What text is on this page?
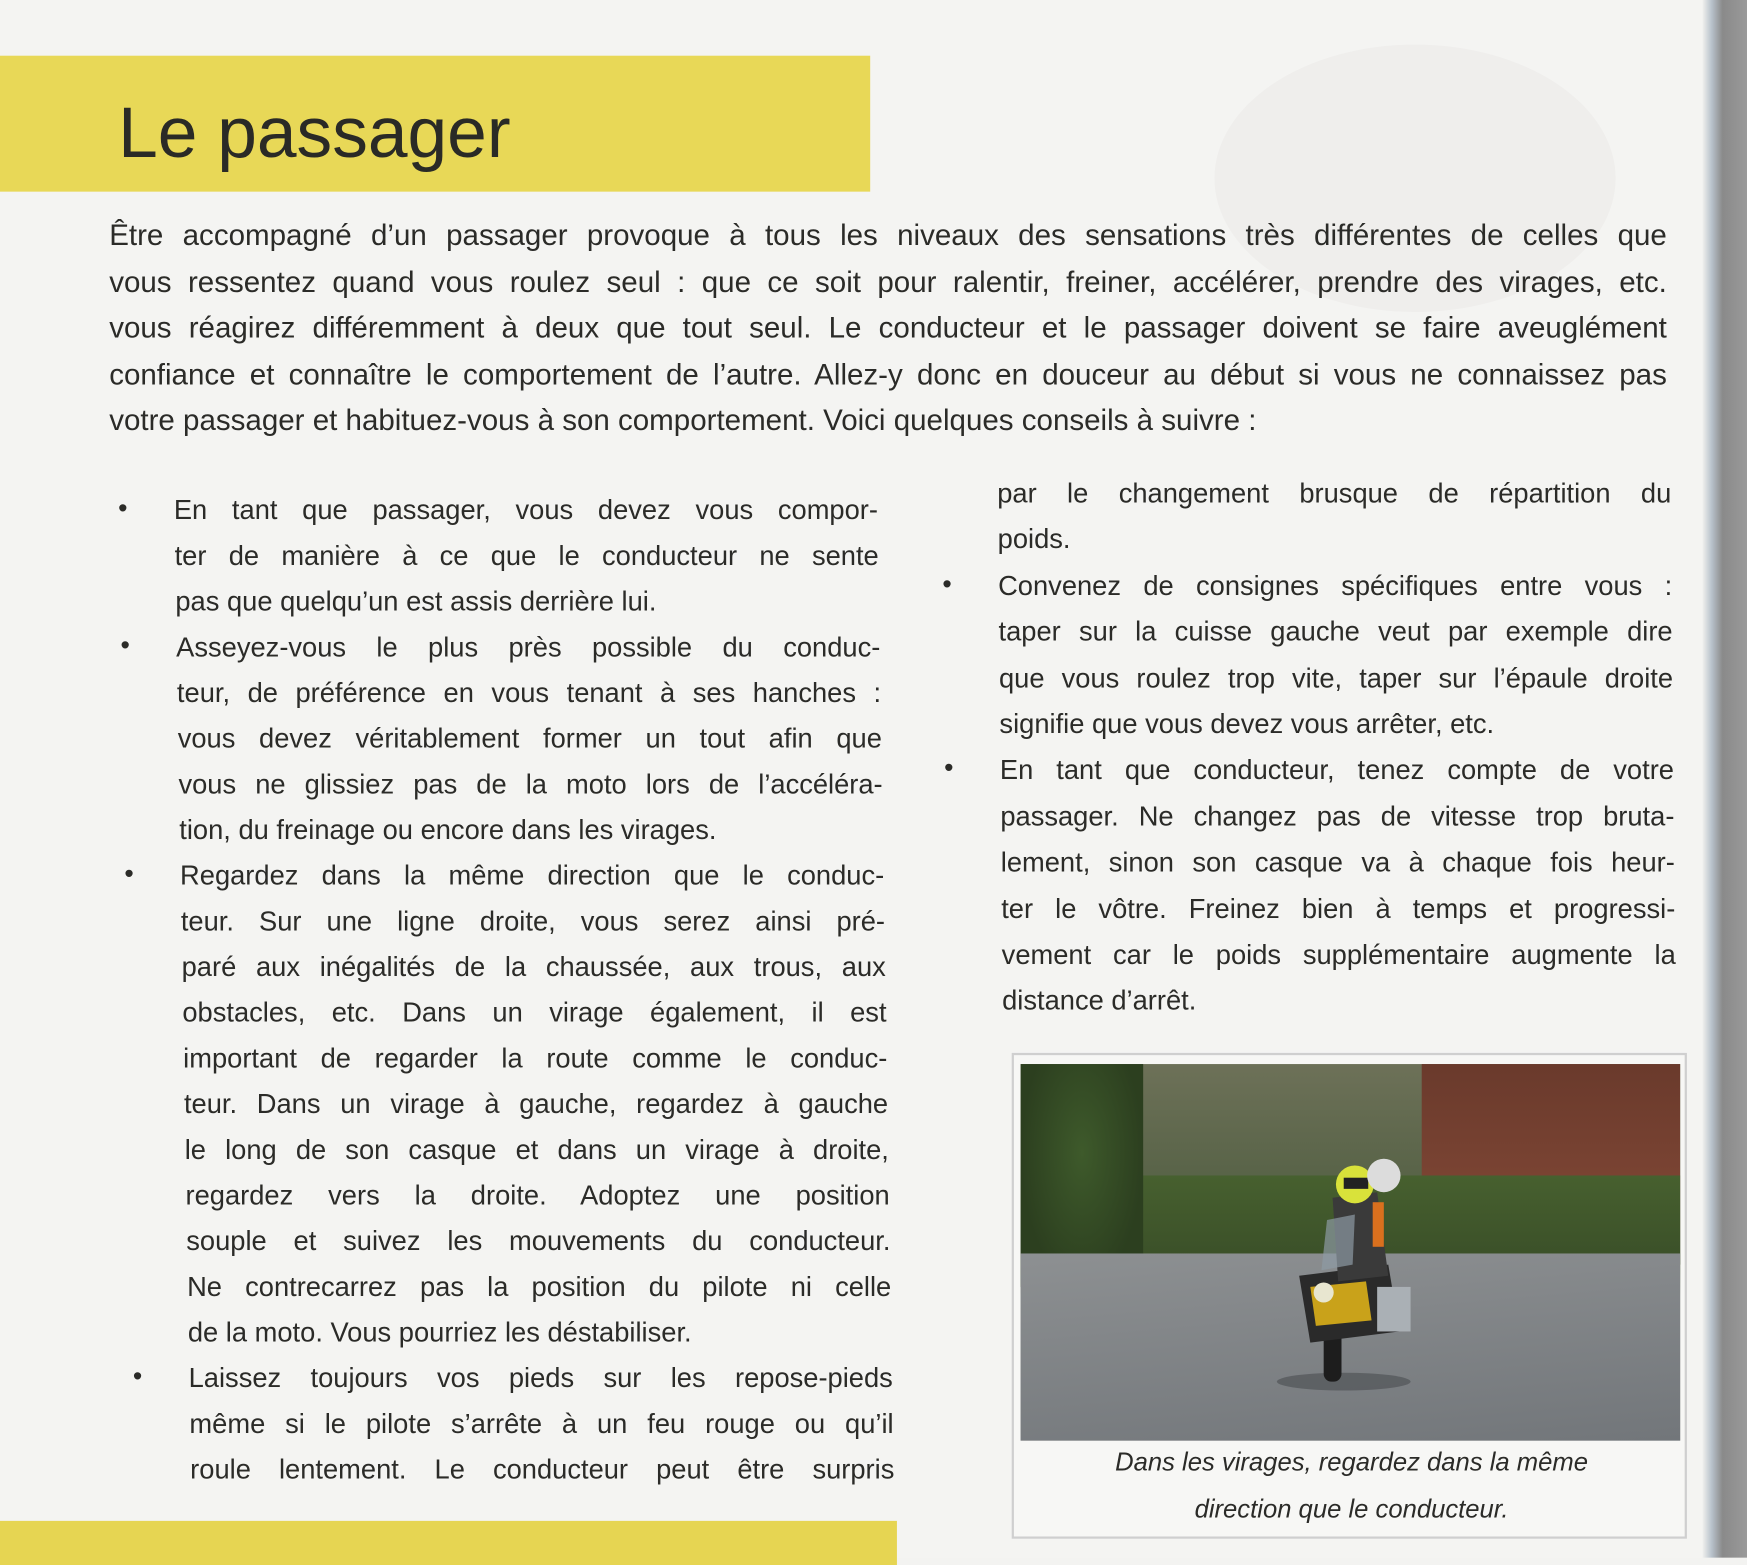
Le passager
Être accompagné d’un passager provoque à tous les niveaux des sensations très différentes de celles que
vous ressentez quand vous roulez seul : que ce soit pour ralentir, freiner, accélérer, prendre des virages, etc.
vous réagirez différemment à deux que tout seul. Le conducteur et le passager doivent se faire aveuglément
confiance et connaître le comportement de l’autre. Allez-y donc en douceur au début si vous ne connaissez pas
votre passager et habituez-vous à son comportement. Voici quelques conseils à suivre :
• En tant que passager, vous devez vous compor-
ter de manière à ce que le conducteur ne sente
pas que quelqu’un est assis derrière lui.
• Asseyez-vous le plus près possible du conduc-
teur, de préférence en vous tenant à ses hanches :
vous devez véritablement former un tout afin que
vous ne glissiez pas de la moto lors de l’accéléra-
tion, du freinage ou encore dans les virages.
• Regardez dans la même direction que le conduc-
teur. Sur une ligne droite, vous serez ainsi pré-
paré aux inégalités de la chaussée, aux trous, aux
obstacles, etc. Dans un virage également, il est
important de regarder la route comme le conduc-
teur. Dans un virage à gauche, regardez à gauche
le long de son casque et dans un virage à droite,
regardez vers la droite. Adoptez une position
souple et suivez les mouvements du conducteur.
Ne contrecarrez pas la position du pilote ni celle
de la moto. Vous pourriez les déstabiliser.
• Laissez toujours vos pieds sur les repose-pieds
même si le pilote s’arrête à un feu rouge ou qu’il
roule lentement. Le conducteur peut être surpris
par le changement brusque de répartition du
poids.
• Convenez de consignes spécifiques entre vous :
taper sur la cuisse gauche veut par exemple dire
que vous roulez trop vite, taper sur l’épaule droite
signifie que vous devez vous arrêter, etc.
• En tant que conducteur, tenez compte de votre
passager. Ne changez pas de vitesse trop bruta-
lement, sinon son casque va à chaque fois heur-
ter le vôtre. Freinez bien à temps et progressi-
vement car le poids supplémentaire augmente la
distance d’arrêt.
Dans les virages, regardez dans la même
direction que le conducteur.
